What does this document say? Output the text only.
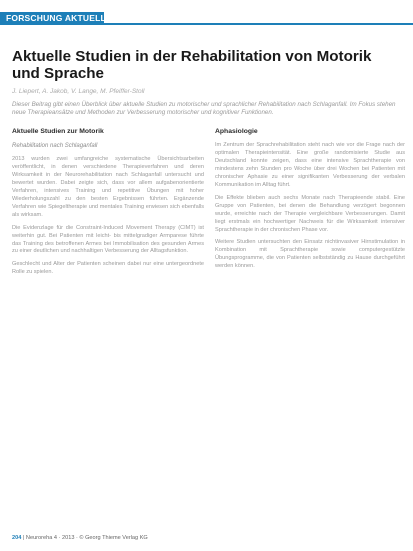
FORSCHUNG AKTUELL
Aktuelle Studien in der Rehabilitation von Motorik und Sprache
J. Liepert, A. Jakob, V. Lange, M. Pfeiffer-Stoll
Dieser Beitrag gibt einen Überblick über aktuelle Studien zu motorischer und sprachlicher Rehabilitation nach Schlaganfall. Im Fokus stehen neue Therapieansätze und Methoden zur Verbesserung motorischer und kognitiver Funktionen.
Aktuelle Studien zur Motorik
Rehabilitation nach Schlaganfall

2013 wurden zwei umfangreiche systematische Übersichtsarbeiten veröffentlicht, in denen verschiedene Therapieverfahren und deren Wirksamkeit in der Neurorehabilitation nach Schlaganfall untersucht und bewertet wurden. Dabei zeigte sich, dass vor allem aufgabenorientierte Verfahren, intensives Training und repetitive Übungen mit hoher Wiederholungszahl zu den besten Ergebnissen führten. Ergänzende Verfahren wie Spiegeltherapie und mentales Training erwiesen sich ebenfalls als wirksam.

Die Evidenzlage für die Constraint-Induced Movement Therapy (CIMT) ist weiterhin gut. Bei Patienten mit leicht- bis mittelgradiger Armparese führte das Training des betroffenen Armes bei Immobilisation des gesunden Armes zu einer deutlichen und nachhaltigen Verbesserung der Alltagsfunktion.

Geschlecht und Alter der Patienten scheinen dabei nur eine untergeordnete Rolle zu spielen.

Aphasiologie

Im Zentrum der Sprachrehabilitation steht nach wie vor die Frage nach der optimalen Therapieintensität. Eine große randomisierte Studie aus Deutschland konnte zeigen, dass eine intensive Sprachtherapie von mindestens zehn Stunden pro Woche über drei Wochen bei Patienten mit chronischer Aphasie zu einer signifikanten Verbesserung der verbalen Kommunikation im Alltag führt.

Die Effekte blieben auch sechs Monate nach Therapieende stabil. Eine Gruppe von Patienten, bei denen die Behandlung verzögert begonnen wurde, erreichte nach der Therapie vergleichbare Verbesserungen. Damit liegt erstmals ein hochwertiger Nachweis für die Wirksamkeit intensiver Sprachtherapie in der chronischen Phase vor.

Weitere Studien untersuchten den Einsatz nichtinvasiver Hirnstimulation in Kombination mit Sprachtherapie sowie computergestützte Übungsprogramme, die von Patienten selbstständig zu Hause durchgeführt werden können.

204 | Neuroreha 4 · 2013 · © Georg Thieme Verlag KG
